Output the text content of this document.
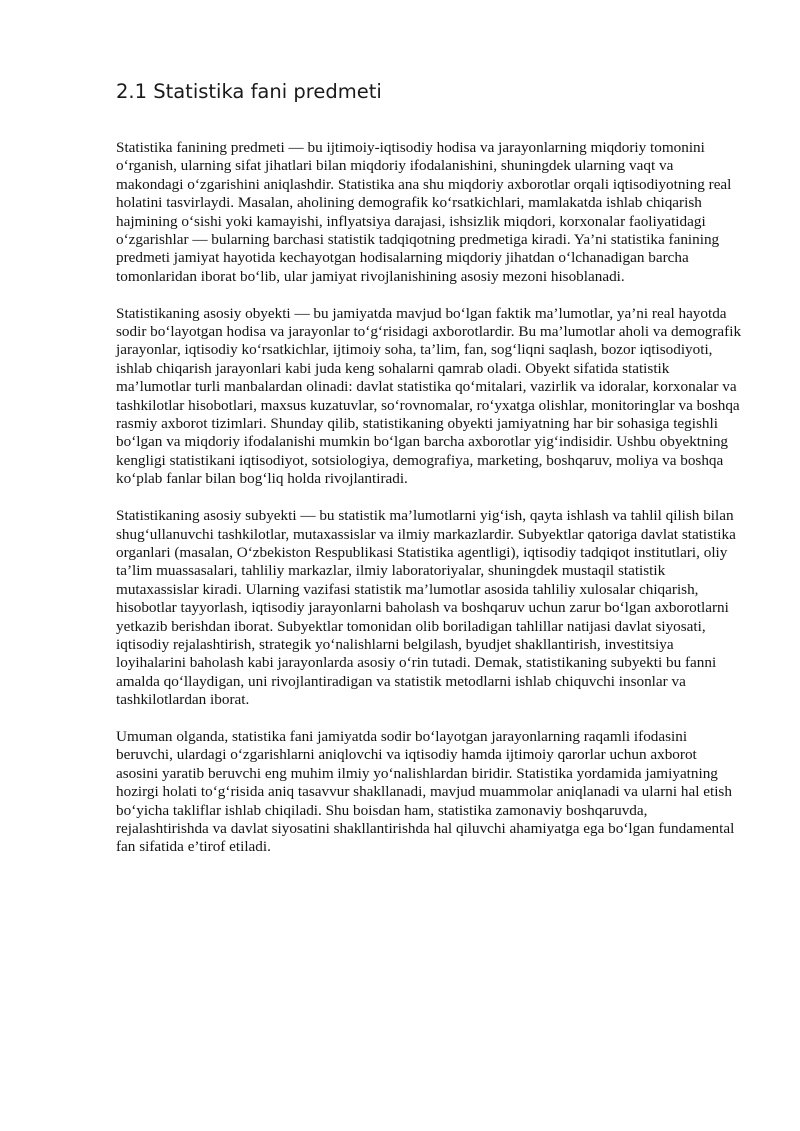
2.1 Statistika fani predmeti

Statistika fanining predmeti — bu ijtimoiy-iqtisodiy hodisa va jarayonlarning miqdoriy tomonini o‘rganish, ularning sifat jihatlari bilan miqdoriy ifodalanishini, shuningdek ularning vaqt va makondagi o‘zgarishini aniqlashdir. Statistika ana shu miqdoriy axborotlar orqali iqtisodiyotning real holatini tasvirlaydi. Masalan, aholining demografik ko‘rsatkichlari, mamlakatda ishlab chiqarish hajmining o‘sishi yoki kamayishi, inflyatsiya darajasi, ishsizlik miqdori, korxonalar faoliyatidagi o‘zgarishlar — bularning barchasi statistik tadqiqotning predmetiga kiradi. Ya’ni statistika fanining predmeti jamiyat hayotida kechayotgan hodisalarning miqdoriy jihatdan o‘lchanadigan barcha tomonlaridan iborat bo‘lib, ular jamiyat rivojlanishining asosiy mezoni hisoblanadi.

Statistikaning asosiy obyekti — bu jamiyatda mavjud bo‘lgan faktik ma’lumotlar, ya’ni real hayotda sodir bo‘layotgan hodisa va jarayonlar to‘g‘risidagi axborotlardir. Bu ma’lumotlar aholi va demografik jarayonlar, iqtisodiy ko‘rsatkichlar, ijtimoiy soha, ta’lim, fan, sog‘liqni saqlash, bozor iqtisodiyoti, ishlab chiqarish jarayonlari kabi juda keng sohalarni qamrab oladi. Obyekt sifatida statistik ma’lumotlar turli manbalardan olinadi: davlat statistika qo‘mitalari, vazirlik va idoralar, korxonalar va tashkilotlar hisobotlari, maxsus kuzatuvlar, so‘rovnomalar, ro‘yxatga olishlar, monitoringlar va boshqa rasmiy axborot tizimlari. Shunday qilib, statistikaning obyekti jamiyatning har bir sohasiga tegishli bo‘lgan va miqdoriy ifodalanishi mumkin bo‘lgan barcha axborotlar yig‘indisidir. Ushbu obyektning kengligi statistikani iqtisodiyot, sotsiologiya, demografiya, marketing, boshqaruv, moliya va boshqa ko‘plab fanlar bilan bog‘liq holda rivojlantiradi.

Statistikaning asosiy subyekti — bu statistik ma’lumotlarni yig‘ish, qayta ishlash va tahlil qilish bilan shug‘ullanuvchi tashkilotlar, mutaxassislar va ilmiy markazlardir. Subyektlar qatoriga davlat statistika organlari (masalan, O‘zbekiston Respublikasi Statistika agentligi), iqtisodiy tadqiqot institutlari, oliy ta’lim muassasalari, tahliliy markazlar, ilmiy laboratoriyalar, shuningdek mustaqil statistik mutaxassislar kiradi. Ularning vazifasi statistik ma’lumotlar asosida tahliliy xulosalar chiqarish, hisobotlar tayyorlash, iqtisodiy jarayonlarni baholash va boshqaruv uchun zarur bo‘lgan axborotlarni yetkazib berishdan iborat. Subyektlar tomonidan olib boriladigan tahlillar natijasi davlat siyosati, iqtisodiy rejalashtirish, strategik yo‘nalishlarni belgilash, byudjet shakllantirish, investitsiya loyihalarini baholash kabi jarayonlarda asosiy o‘rin tutadi. Demak, statistikaning subyekti bu fanni amalda qo‘llaydigan, uni rivojlantiradigan va statistik metodlarni ishlab chiquvchi insonlar va tashkilotlardan iborat.

Umuman olganda, statistika fani jamiyatda sodir bo‘layotgan jarayonlarning raqamli ifodasini beruvchi, ulardagi o‘zgarishlarni aniqlovchi va iqtisodiy hamda ijtimoiy qarorlar uchun axborot asosini yaratib beruvchi eng muhim ilmiy yo‘nalishlardan biridir. Statistika yordamida jamiyatning hozirgi holati to‘g‘risida aniq tasavvur shakllanadi, mavjud muammolar aniqlanadi va ularni hal etish bo‘yicha takliflar ishlab chiqiladi. Shu boisdan ham, statistika zamonaviy boshqaruvda, rejalashtirishda va davlat siyosatini shakllantirishda hal qiluvchi ahamiyatga ega bo‘lgan fundamental fan sifatida e’tirof etiladi.
